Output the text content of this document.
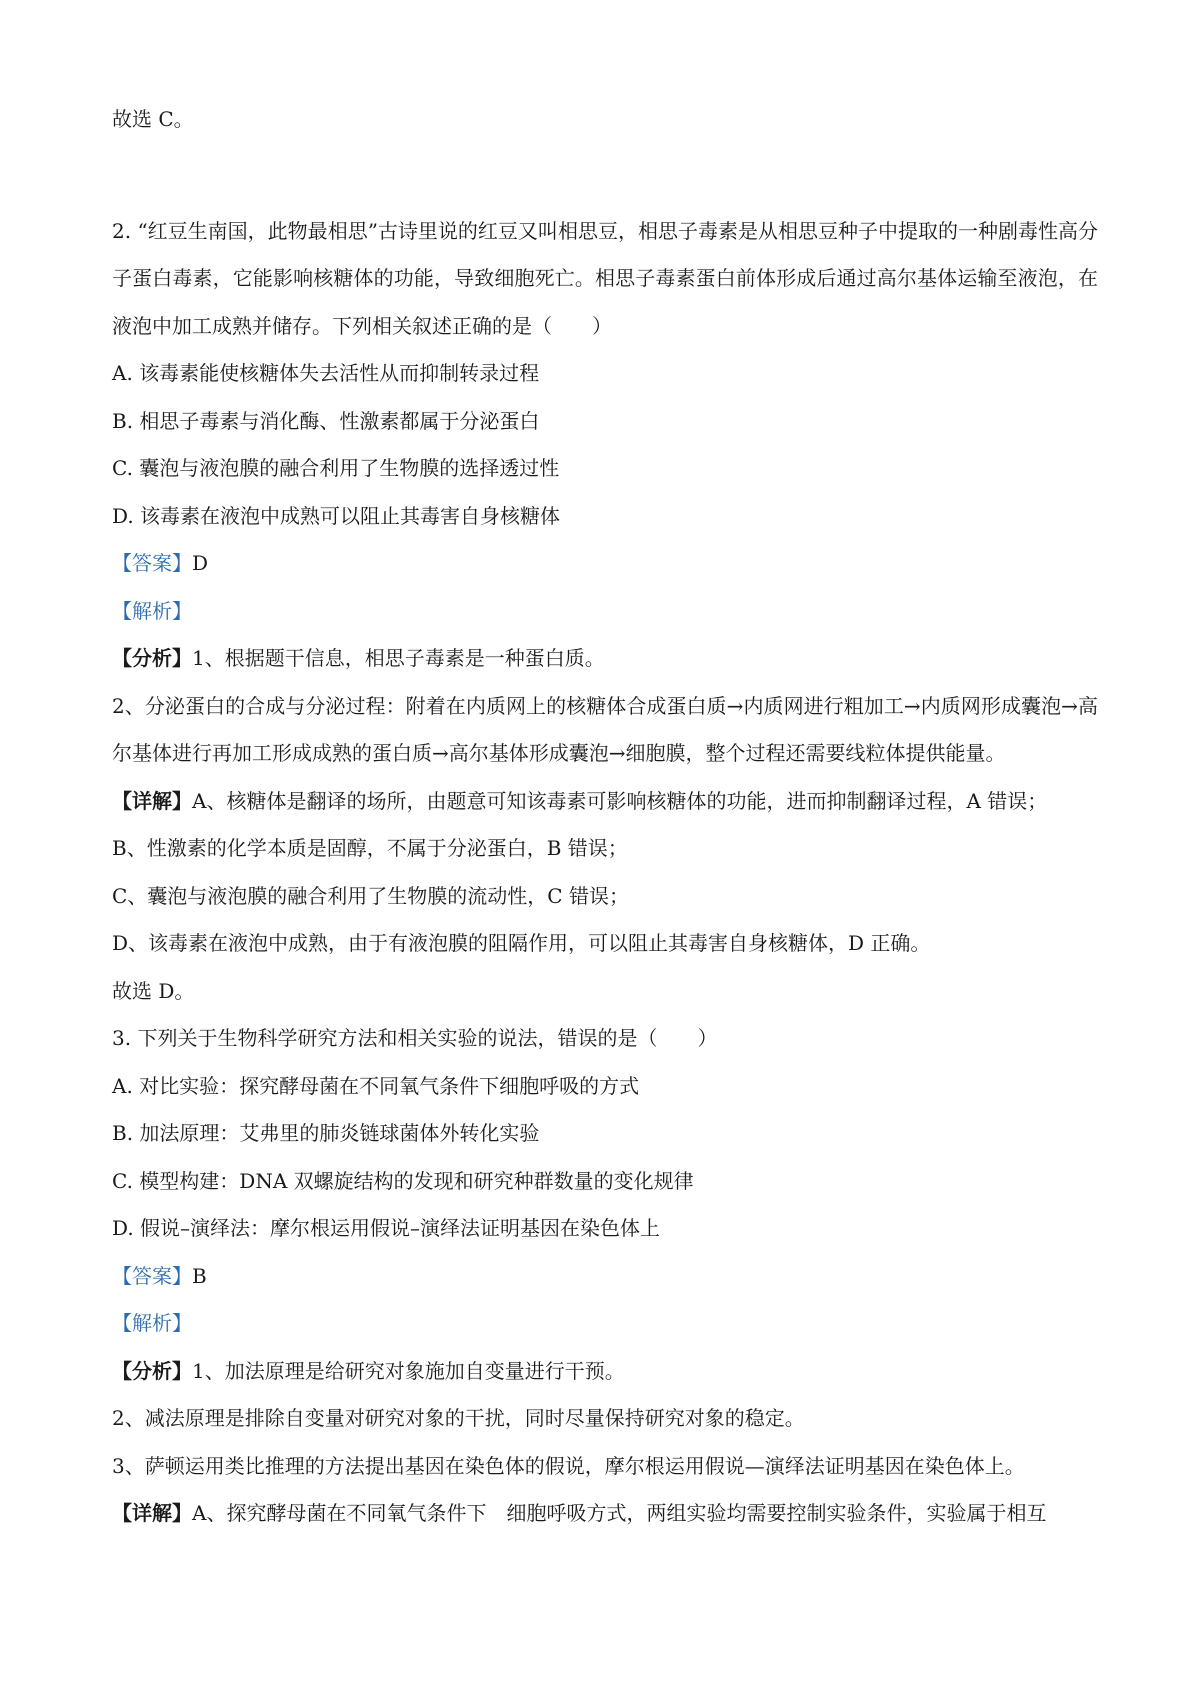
故选 C。

2. “红豆生南国，此物最相思”古诗里说的红豆又叫相思豆，相思子毒素是从相思豆种子中提取的一种剧毒性高分子蛋白毒素，它能影响核糖体的功能，导致细胞死亡。相思子毒素蛋白前体形成后通过高尔基体运输至液泡，在液泡中加工成熟并储存。下列相关叙述正确的是（　　）

A. 该毒素能使核糖体失去活性从而抑制转录过程

B. 相思子毒素与消化酶、性激素都属于分泌蛋白

C. 囊泡与液泡膜的融合利用了生物膜的选择透过性

D. 该毒素在液泡中成熟可以阻止其毒害自身核糖体

【答案】D

【解析】

【分析】1、根据题干信息，相思子毒素是一种蛋白质。

2、分泌蛋白的合成与分泌过程：附着在内质网上的核糖体合成蛋白质→内质网进行粗加工→内质网形成囊泡→高尔基体进行再加工形成成熟的蛋白质→高尔基体形成囊泡→细胞膜，整个过程还需要线粒体提供能量。

【详解】A、核糖体是翻译的场所，由题意可知该毒素可影响核糖体的功能，进而抑制翻译过程，A 错误；

B、性激素的化学本质是固醇，不属于分泌蛋白，B 错误；

C、囊泡与液泡膜的融合利用了生物膜的流动性，C 错误；

D、该毒素在液泡中成熟，由于有液泡膜的阻隔作用，可以阻止其毒害自身核糖体，D 正确。

故选 D。

3. 下列关于生物科学研究方法和相关实验的说法，错误的是（　　）

A. 对比实验：探究酵母菌在不同氧气条件下细胞呼吸的方式

B. 加法原理：艾弗里的肺炎链球菌体外转化实验

C. 模型构建：DNA 双螺旋结构的发现和研究种群数量的变化规律

D. 假说–演绎法：摩尔根运用假说–演绎法证明基因在染色体上

【答案】B

【解析】

【分析】1、加法原理是给研究对象施加自变量进行干预。

2、减法原理是排除自变量对研究对象的干扰，同时尽量保持研究对象的稳定。

3、萨顿运用类比推理的方法提出基因在染色体的假说，摩尔根运用假说—演绎法证明基因在染色体上。

【详解】A、探究酵母菌在不同氧气条件下　细胞呼吸方式，两组实验均需要控制实验条件，实验属于相互
